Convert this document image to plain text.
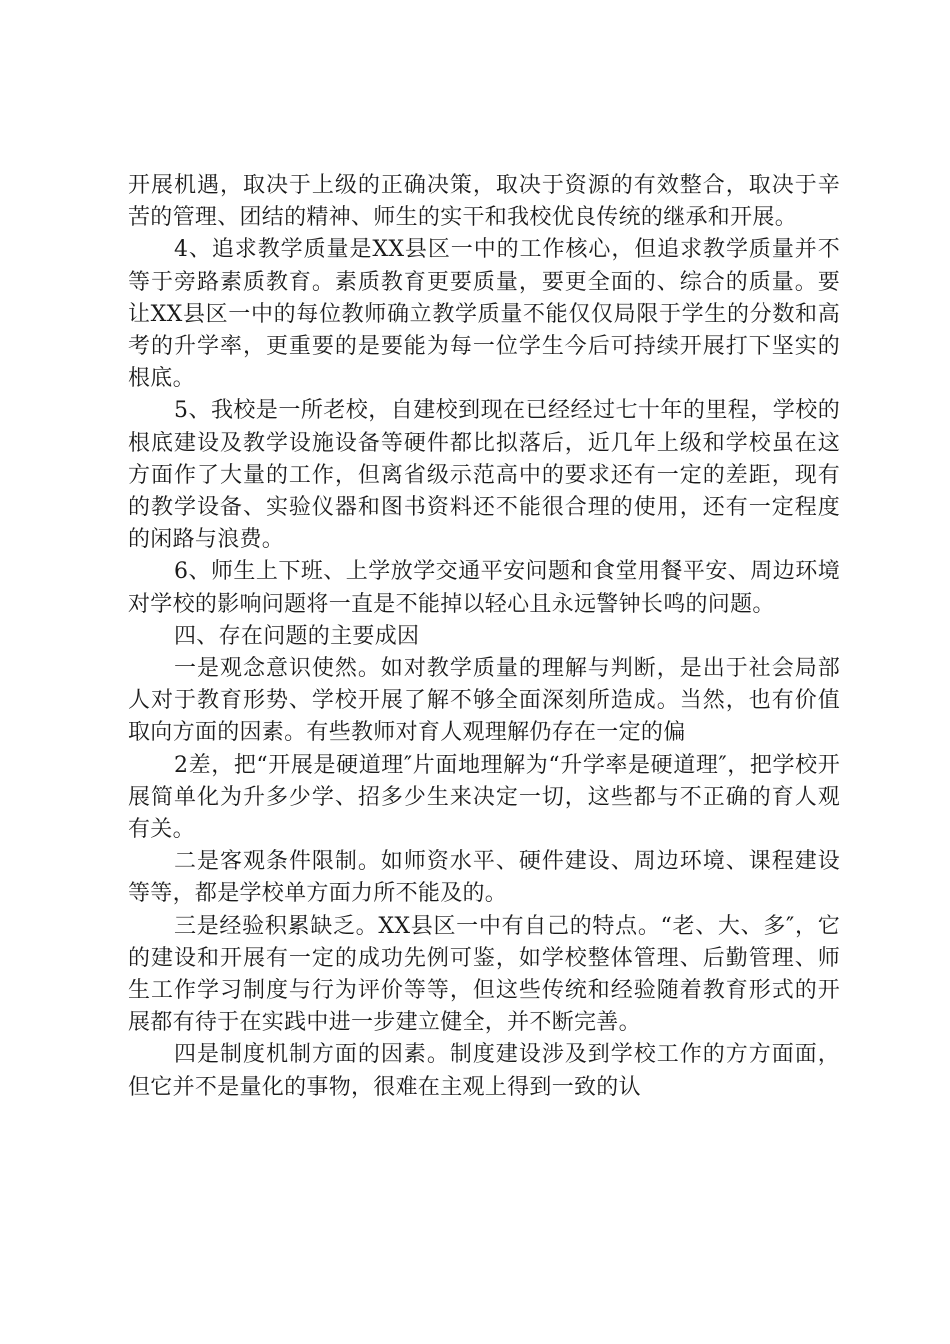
开展机遇，取决于上级的正确决策，取决于资源的有效整合，取决于辛苦的管理、团结的精神、师生的实干和我校优良传统的继承和开展。

4、追求教学质量是XX县区一中的工作核心，但追求教学质量并不等于旁路素质教育。素质教育更要质量，要更全面的、综合的质量。要让XX县区一中的每位教师确立教学质量不能仅仅局限于学生的分数和高考的升学率，更重要的是要能为每一位学生今后可持续开展打下坚实的根底。

5、我校是一所老校，自建校到现在已经经过七十年的里程，学校的根底建设及教学设施设备等硬件都比拟落后，近几年上级和学校虽在这方面作了大量的工作，但离省级示范高中的要求还有一定的差距，现有的教学设备、实验仪器和图书资料还不能很合理的使用，还有一定程度的闲路与浪费。

6、师生上下班、上学放学交通平安问题和食堂用餐平安、周边环境对学校的影响问题将一直是不能掉以轻心且永远警钟长鸣的问题。

四、存在问题的主要成因

一是观念意识使然。如对教学质量的理解与判断，是出于社会局部人对于教育形势、学校开展了解不够全面深刻所造成。当然，也有价值取向方面的因素。有些教师对育人观理解仍存在一定的偏

2差，把“开展是硬道理″片面地理解为“升学率是硬道理″，把学校开展简单化为升多少学、招多少生来决定一切，这些都与不正确的育人观有关。

二是客观条件限制。如师资水平、硬件建设、周边环境、课程建设等等，都是学校单方面力所不能及的。

三是经验积累缺乏。XX县区一中有自己的特点。“老、大、多″，它的建设和开展有一定的成功先例可鉴，如学校整体管理、后勤管理、师生工作学习制度与行为评价等等，但这些传统和经验随着教育形式的开展都有待于在实践中进一步建立健全，并不断完善。

四是制度机制方面的因素。制度建设涉及到学校工作的方方面面，但它并不是量化的事物，很难在主观上得到一致的认
